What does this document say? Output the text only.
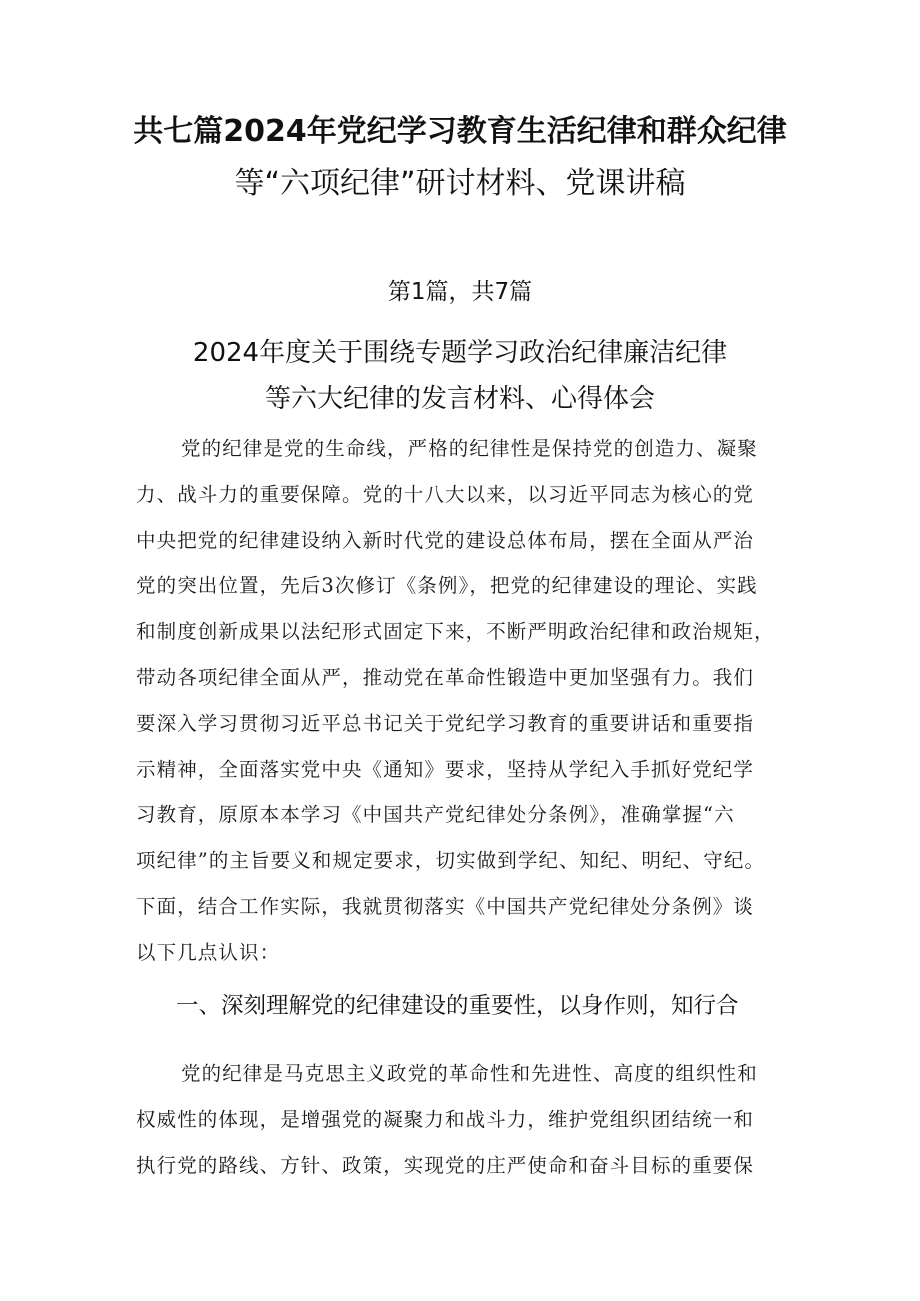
共七篇2024年党纪学习教育生活纪律和群众纪律
等“六项纪律”研讨材料、党课讲稿
第1篇，共7篇
2024年度关于围绕专题学习政治纪律廉洁纪律
等六大纪律的发言材料、心得体会
党的纪律是党的生命线，严格的纪律性是保持党的创造力、凝聚
力、战斗力的重要保障。党的十八大以来，以习近平同志为核心的党
中央把党的纪律建设纳入新时代党的建设总体布局，摆在全面从严治
党的突出位置，先后3次修订《条例》，把党的纪律建设的理论、实践
和制度创新成果以法纪形式固定下来，不断严明政治纪律和政治规矩，
带动各项纪律全面从严，推动党在革命性锻造中更加坚强有力。我们
要深入学习贯彻习近平总书记关于党纪学习教育的重要讲话和重要指
示精神，全面落实党中央《通知》要求，坚持从学纪入手抓好党纪学
习教育，原原本本学习《中国共产党纪律处分条例》，准确掌握“六
项纪律”的主旨要义和规定要求，切实做到学纪、知纪、明纪、守纪。
下面，结合工作实际，我就贯彻落实《中国共产党纪律处分条例》谈
以下几点认识：
一、深刻理解党的纪律建设的重要性，以身作则，知行合
党的纪律是马克思主义政党的革命性和先进性、高度的组织性和
权威性的体现，是增强党的凝聚力和战斗力，维护党组织团结统一和
执行党的路线、方针、政策，实现党的庄严使命和奋斗目标的重要保
